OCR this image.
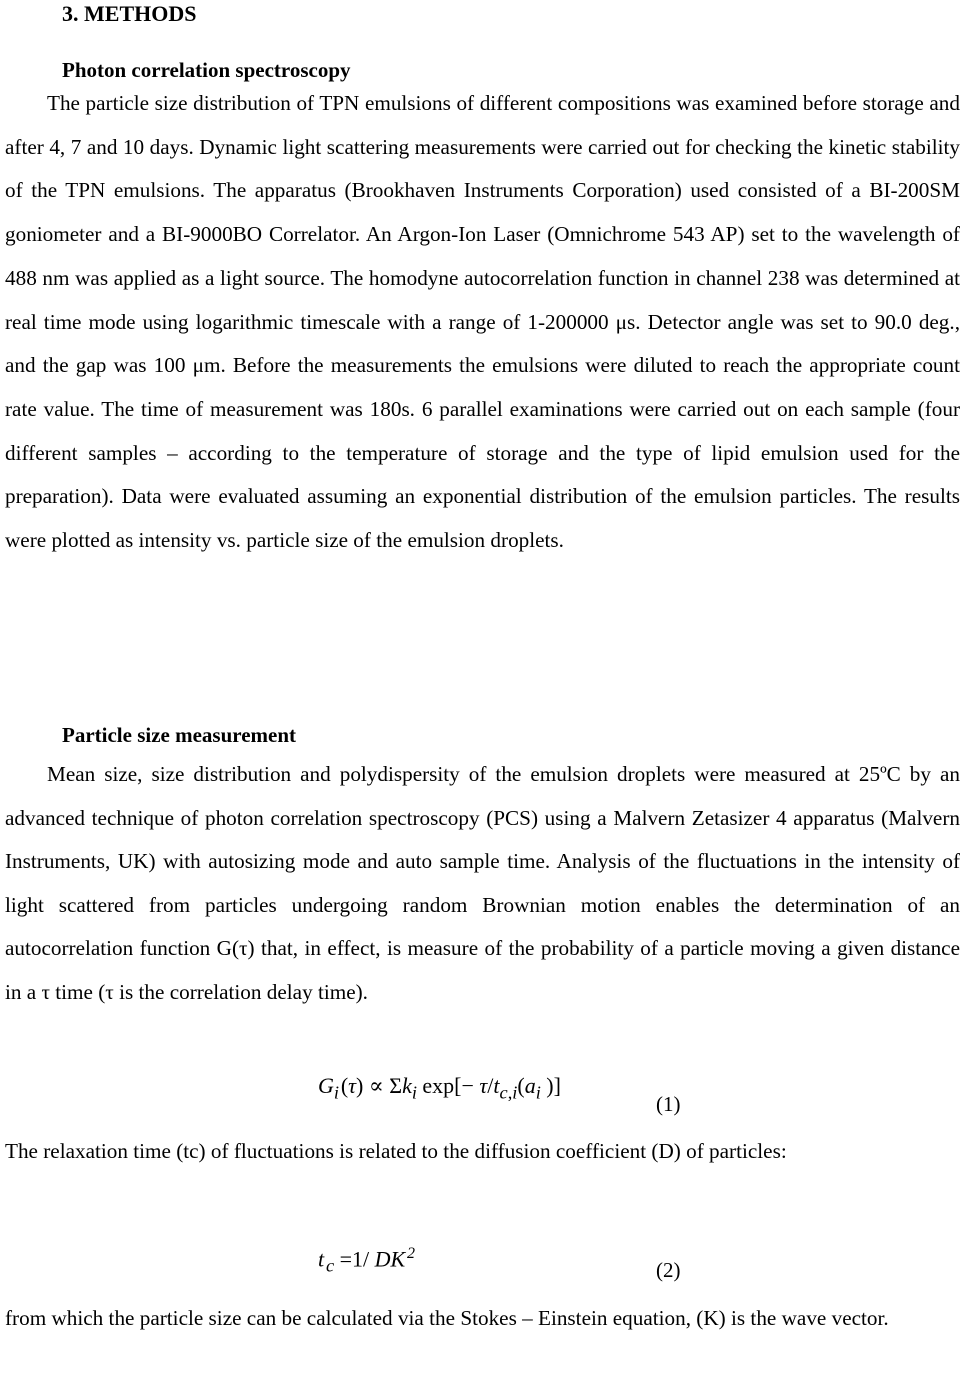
3. METHODS
Photon correlation spectroscopy
The particle size distribution of TPN emulsions of different compositions was examined before storage and after 4, 7 and 10 days. Dynamic light scattering measurements were carried out for checking the kinetic stability of the TPN emulsions. The apparatus (Brookhaven Instruments Corporation) used consisted of a BI-200SM goniometer and a BI-9000BO Correlator. An Argon-Ion Laser (Omnichrome 543 AP) set to the wavelength of 488 nm was applied as a light source. The homodyne autocorrelation function in channel 238 was determined at real time mode using logarithmic timescale with a range of 1-200000 μs. Detector angle was set to 90.0 deg., and the gap was 100 μm. Before the measurements the emulsions were diluted to reach the appropriate count rate value. The time of measurement was 180s. 6 parallel examinations were carried out on each sample (four different samples – according to the temperature of storage and the type of lipid emulsion used for the preparation). Data were evaluated assuming an exponential distribution of the emulsion particles. The results were plotted as intensity vs. particle size of the emulsion droplets.
Particle size measurement
Mean size, size distribution and polydispersity of the emulsion droplets were measured at 25ºC by an advanced technique of photon correlation spectroscopy (PCS) using a Malvern Zetasizer 4 apparatus (Malvern Instruments, UK) with autosizing mode and auto sample time. Analysis of the fluctuations in the intensity of light scattered from particles undergoing random Brownian motion enables the determination of an autocorrelation function G(τ) that, in effect, is measure of the probability of a particle moving a given distance in a τ time (τ is the correlation delay time).
$G_i$ $(\tau) \propto \Sigma k_i$ $\exp[- \tau/t_{c,i}(a_i$ )]
(1)
The relaxation time (tc) of fluctuations is related to the diffusion coefficient (D) of particles:
t  $_c$ =1/ DK  $^2$
(2)
from which the particle size can be calculated via the Stokes – Einstein equation, (K) is the wave vector.
